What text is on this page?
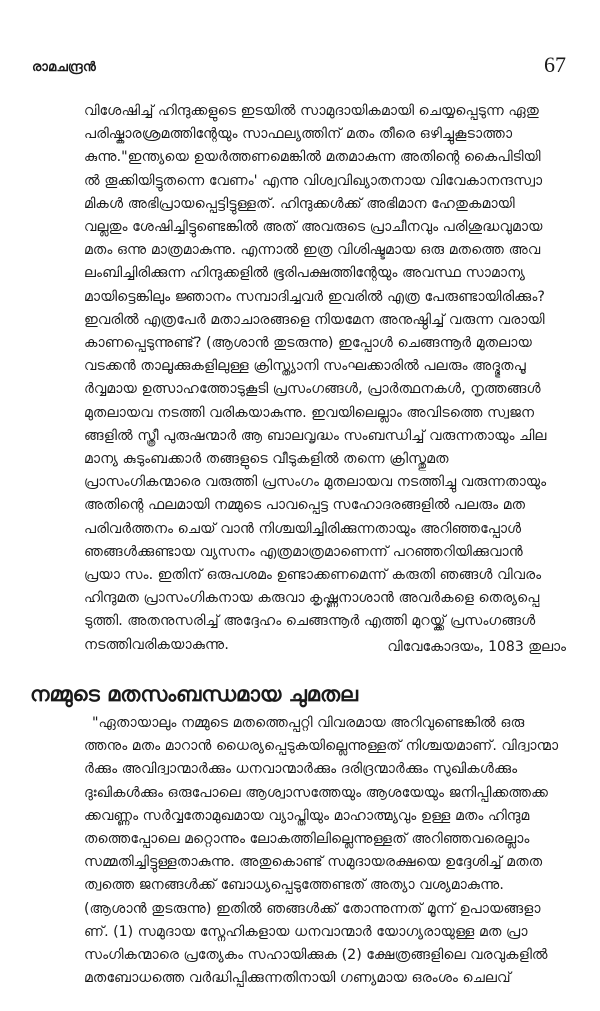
രാമചന്ദ്രൻ	67
വിശേഷിച്ച് ഹിന്ദുക്കളുടെ ഇടയിൽ സാമുദായികമായി ചെയ്യപ്പെടുന്ന ഏതു
പരിഷ്കാരശ്രമത്തിന്റേയും സാഫല്യത്തിന് മതം തീരെ ഒഴിച്ചുകൂടാത്താ
കുന്നു."ഇന്ത്യയെ ഉയർത്തണമെങ്കിൽ മതമാകുന്ന അതിന്റെ കൈപിടിയി
ൽ തൂക്കിയിട്ടുതന്നെ വേണം' എന്നു വിശ്വവിഖ്യാതനായ വിവേകാനന്ദസ്വാ
മികൾ അഭിപ്രായപ്പെട്ടിട്ടുള്ളത്. ഹിന്ദുക്കൾക്ക് അഭിമാന ഹേതുകമായി
വല്ലതും ശേഷിച്ചിട്ടുണ്ടെങ്കിൽ അത് അവരുടെ പ്രാചീനവും പരിശുദ്ധവുമായ
മതം ഒന്നു മാത്രമാകുന്നു. എന്നാൽ ഇത്ര വിശിഷ്ടമായ ഒരു മതത്തെ അവ
ലംബിച്ചിരിക്കുന്ന ഹിന്ദുക്കളിൽ ഭൂരിപക്ഷത്തിന്റേയും അവസ്ഥ സാമാന്യ
മായിട്ടെങ്കിലും ജ്ഞാനം സമ്പാദിച്ചവർ ഇവരിൽ എത്ര പേരുണ്ടായിരിക്കും?
ഇവരിൽ എത്രപേർ മതാചാരങ്ങളെ നിയമേന അനുഷ്ഠിച്ച് വരുന്ന വരായി
കാണപ്പെടുന്നുണ്ട്? (ആശാൻ തുടരുന്നു) ഇപ്പോൾ ചെങ്ങന്നൂർ മുതലായ
വടക്കൻ താലൂക്കുകളിലുള്ള ക്രിസ്ത്യാനി സംഘക്കാരിൽ പലരും അദ്ഭുതപൂ
ർവ്വമായ ഉത്സാഹത്തോടുകൂടി പ്രസംഗങ്ങൾ, പ്രാർത്ഥനകൾ, നൃത്തങ്ങൾ
മുതലായവ നടത്തി വരികയാകുന്നു. ഇവയിലെല്ലാം അവിടത്തെ സ്വജന
ങ്ങളിൽ സ്ത്രീ പുരുഷന്മാർ ആ ബാലവൃദ്ധം സംബന്ധിച്ച് വരുന്നതായും ചില
മാന്യ കുടുംബക്കാർ തങ്ങളുടെ വീടുകളിൽ തന്നെ ക്രിസ്തുമത
പ്രാസംഗികന്മാരെ വരുത്തി പ്രസംഗം മുതലായവ നടത്തിച്ചു വരുന്നതായും
അതിന്റെ ഫലമായി നമ്മുടെ പാവപ്പെട്ട സഹോദരങ്ങളിൽ പലരും മത
പരിവർത്തനം ചെയ് വാൻ നിശ്ചയിച്ചിരിക്കുന്നതായും അറിഞ്ഞപ്പോൾ
ഞങ്ങൾക്കുണ്ടായ വ്യസനം എത്രമാത്രമാണെന്ന് പറഞ്ഞറിയിക്കുവാൻ
പ്രയാ സം. ഇതിന് ഒരുപശമം ഉണ്ടാക്കണമെന്ന് കരുതി ഞങ്ങൾ വിവരം
ഹിന്ദുമത പ്രാസംഗികനായ കരുവാ കൃഷ്ണനാശാൻ അവർകളെ തെര്യപ്പെ
ടുത്തി. അതനുസരിച്ച് അദ്ദേഹം ചെങ്ങന്നൂർ എത്തി മുറയ്ക്ക് പ്രസംഗങ്ങൾ
നടത്തിവരികയാകുന്നു.	വിവേകോദയം, 1083 തുലാം
നമ്മുടെ മതസംബന്ധമായ ചുമതല
"ഏതായാലും നമ്മുടെ മതത്തെപ്പറ്റി വിവരമായ അറിവുണ്ടെങ്കിൽ ഒരു
ത്തനും മതം മാറാൻ ധൈര്യപ്പെടുകയില്ലെന്നുള്ളത് നിശ്ചയമാണ്. വിദ്വാന്മാ
ർക്കും അവിദ്വാന്മാർക്കും ധനവാന്മാർക്കും ദരിദ്രന്മാർക്കും സുഖികൾക്കും
ദുഃഖികൾക്കും ഒരുപോലെ ആശ്വാസത്തേയും ആശയേയും ജനിപ്പിക്കത്തക്ക
ക്കവണ്ണം സർവ്വതോമുഖമായ വ്യാപ്തിയും മാഹാത്മ്യവും ഉള്ള മതം ഹിന്ദുമ
തത്തെപ്പോലെ മറ്റൊന്നും ലോകത്തിലില്ലെന്നുള്ളത് അറിഞ്ഞവരെല്ലാം
സമ്മതിച്ചിട്ടുള്ളതാകുന്നു. അതുകൊണ്ട് സമുദായരക്ഷയെ ഉദ്ദേശിച്ച് മതത
ത്വത്തെ ജനങ്ങൾക്ക് ബോധ്യപ്പെടുത്തേണ്ടത് അത്യാ വശ്യമാകുന്നു.
(ആശാൻ തുടരുന്നു) ഇതിൽ ഞങ്ങൾക്ക് തോന്നുന്നത് മൂന്ന് ഉപായങ്ങളാ
ണ്. (1) സമുദായ സ്നേഹികളായ ധനവാന്മാർ യോഗ്യരായുള്ള മത പ്രാ
സംഗികന്മാരെ പ്രത്യേകം സഹായിക്കുക (2) ക്ഷേത്രങ്ങളിലെ വരവുകളിൽ
മതബോധത്തെ വർദ്ധിപ്പിക്കുന്നതിനായി ഗണ്യമായ ഒരംശം ചെലവ്
